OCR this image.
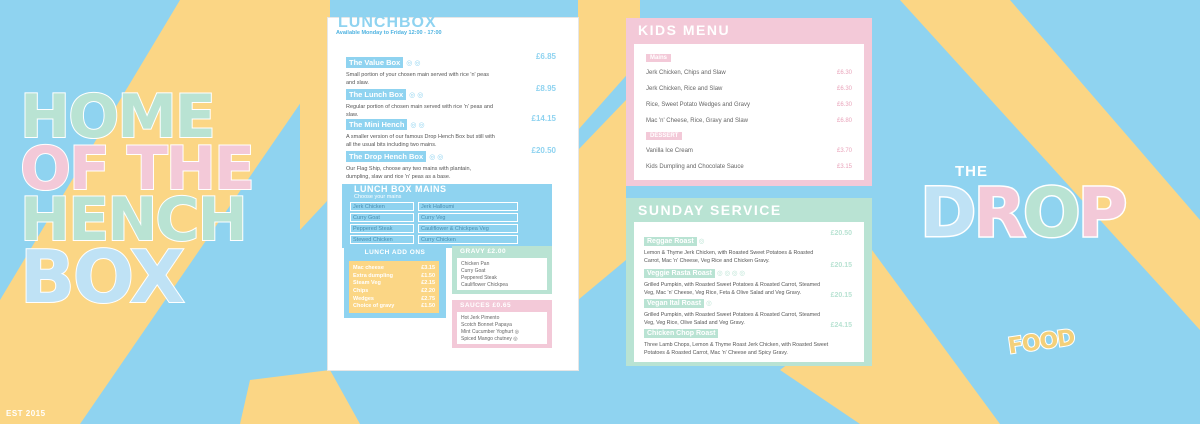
HOME
OF THE
HENCH
BOX
EST 2015
LUNCHBOX
Available Monday to Friday 12:00 - 17:00
The Value Box ◎ ◎
£6.85
Small portion of your chosen main served with rice 'n' peas and slaw.
The Lunch Box ◎ ◎
£8.95
Regular portion of chosen main served with rice 'n' peas and slaw.
The Mini Hench ◎ ◎
£14.15
A smaller version of our famous Drop Hench Box but still with all the usual bits including two mains.
The Drop Hench Box ◎ ◎
£20.50
Our Flag Ship, choose any two mains with plantain, dumpling, slaw and rice 'n' peas as a base.
LUNCH BOX MAINS
Choose your mains
Jerk Chicken	Jerk Halloumi
Curry Goat	Curry Veg
Peppered Steak	Cauliflower & Chickpea Veg
Stewed Chicken	Curry Chicken
LUNCH ADD ONS
Mac cheese	£3.15
Extra dumpling	£1.50
Steam Veg	£2.15
Chips	£2.20
Wedges	£2.75
Choice of gravy	£1.50
GRAVY £2.00
Chicken Pan
Curry Goat
Peppered Steak
Cauliflower Chickpea
SAUCES £0.65
Hot Jerk Pimento
Scotch Bonnet Papaya
Mint Cucumber Yoghurt ◎
Spiced Mango chutney ◎
KIDS MENU
Mains
Jerk Chicken, Chips and Slaw	£6.30
Jerk Chicken, Rice and Slaw	£6.30
Rice, Sweet Potato Wedges and Gravy	£6.30
Mac 'n' Cheese, Rice, Gravy and Slaw	£6.80
DESSERT
Vanilla Ice Cream	£3.70
Kids Dumpling and Chocolate Sauce	£3.15
SUNDAY SERVICE
Reggae Roast ◎
£20.50
Lemon & Thyme Jerk Chicken, with Roasted Sweet Potatoes & Roasted Carrot, Mac 'n' Cheese, Veg Rice and Chicken Gravy.
Veggie Rasta Roast ◎ ◎ ◎ ◎
£20.15
Grilled Pumpkin, with Roasted Sweet Potatoes & Roasted Carrot, Steamed Veg, Mac 'n' Cheese, Veg Rice, Feta & Olive Salad and Veg Gravy.
Vegan Ital Roast ◎
£20.15
Grilled Pumpkin, with Roasted Sweet Potatoes & Roasted Carrot, Steamed Veg, Veg Rice, Olive Salad and Veg Gravy.
Chicken Chop Roast
£24.15
Three Lamb Chops, Lemon & Thyme Roast Jerk Chicken, with Roasted Sweet Potatoes & Roasted Carrot, Mac 'n' Cheese and Spicy Gravy.
THE
DROP
FOOD
